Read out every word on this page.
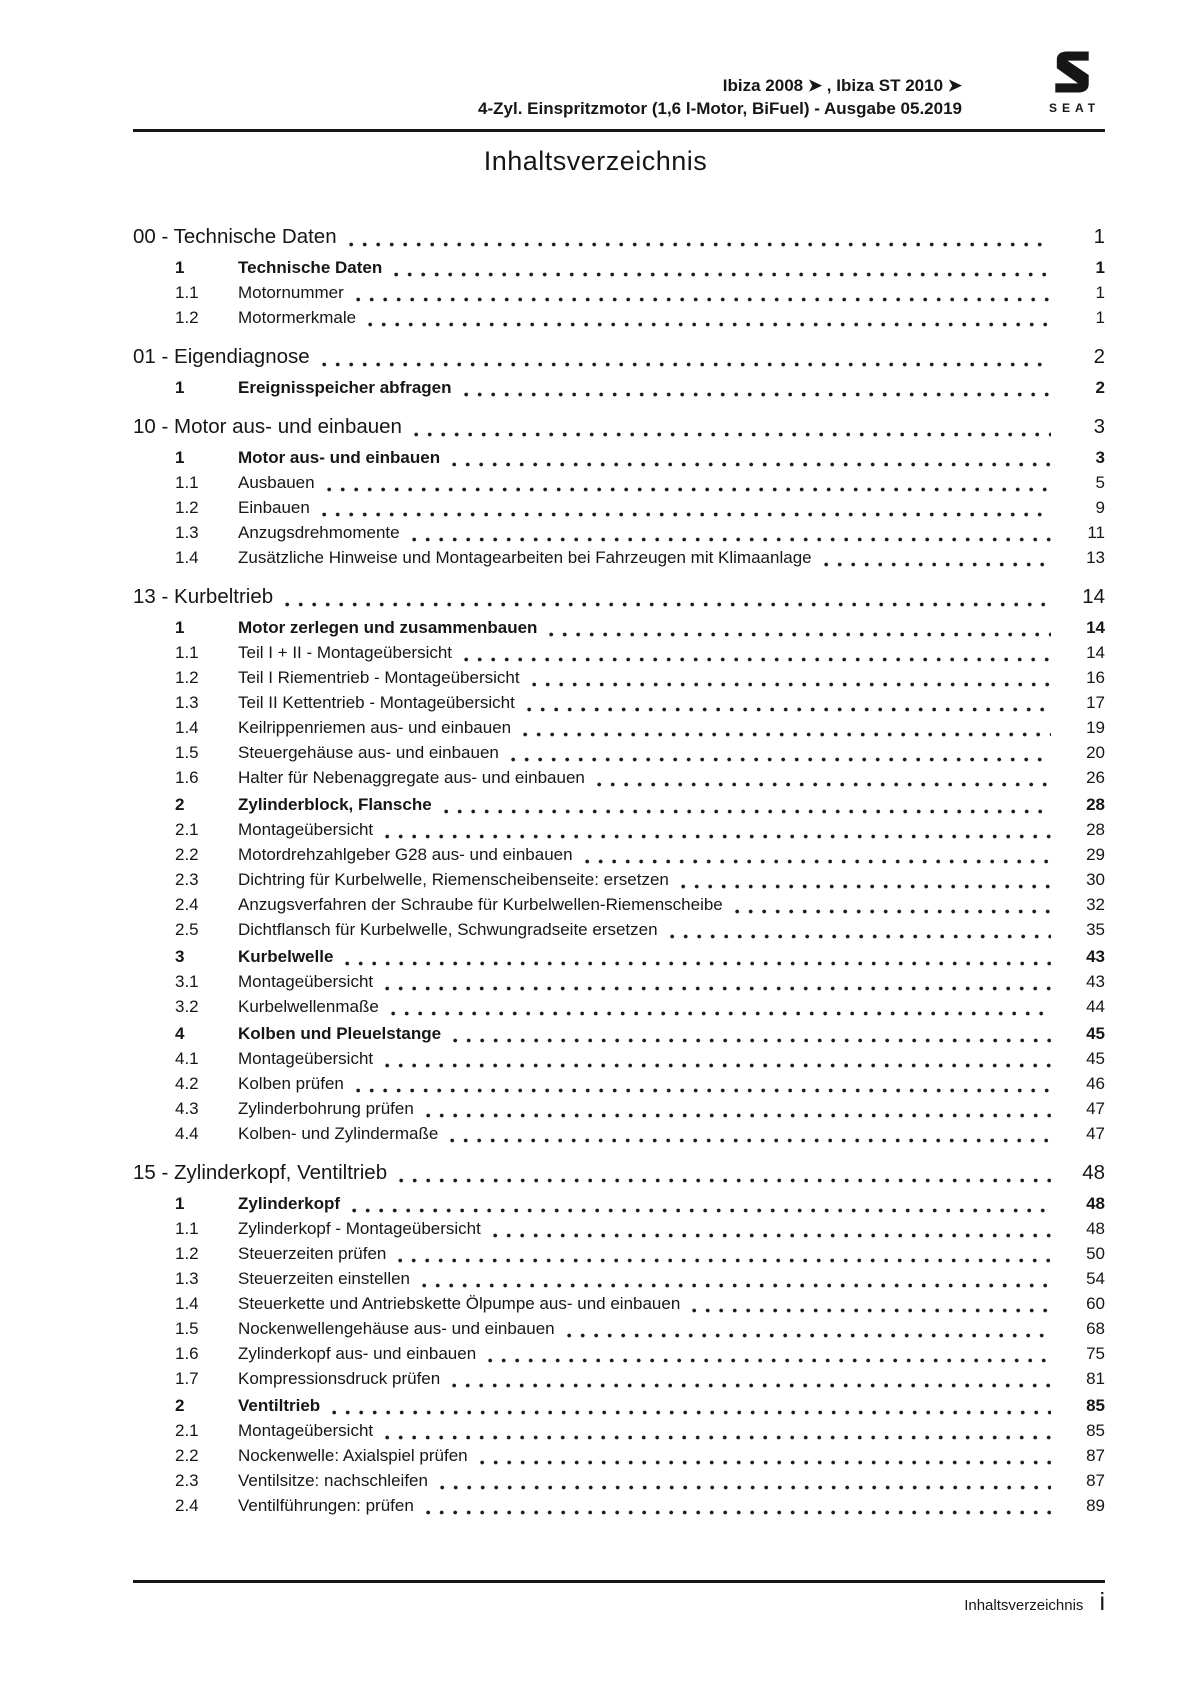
Ibiza 2008 ➤ , Ibiza ST 2010 ➤
4-Zyl. Einspritzmotor (1,6 l-Motor, BiFuel) - Ausgabe 05.2019	SEAT
Inhaltsverzeichnis
00 - Technische Daten	1
1	Technische Daten	1
1.1	Motornummer	1
1.2	Motormerkmale	1
01 - Eigendiagnose	2
1	Ereignisspeicher abfragen	2
10 - Motor aus- und einbauen	3
1	Motor aus- und einbauen	3
1.1	Ausbauen	5
1.2	Einbauen	9
1.3	Anzugsdrehmomente	11
1.4	Zusätzliche Hinweise und Montagearbeiten bei Fahrzeugen mit Klimaanlage	13
13 - Kurbeltrieb	14
1	Motor zerlegen und zusammenbauen	14
1.1	Teil I + II - Montageübersicht	14
1.2	Teil I Riementrieb - Montageübersicht	16
1.3	Teil II Kettentrieb - Montageübersicht	17
1.4	Keilrippenriemen aus- und einbauen	19
1.5	Steuergehäuse aus- und einbauen	20
1.6	Halter für Nebenaggregate aus- und einbauen	26
2	Zylinderblock, Flansche	28
2.1	Montageübersicht	28
2.2	Motordrehzahlgeber G28 aus- und einbauen	29
2.3	Dichtring für Kurbelwelle, Riemenscheibenseite: ersetzen	30
2.4	Anzugsverfahren der Schraube für Kurbelwellen-Riemenscheibe	32
2.5	Dichtflansch für Kurbelwelle, Schwungradseite ersetzen	35
3	Kurbelwelle	43
3.1	Montageübersicht	43
3.2	Kurbelwellenmaße	44
4	Kolben und Pleuelstange	45
4.1	Montageübersicht	45
4.2	Kolben prüfen	46
4.3	Zylinderbohrung prüfen	47
4.4	Kolben- und Zylindermaße	47
15 - Zylinderkopf, Ventiltrieb	48
1	Zylinderkopf	48
1.1	Zylinderkopf - Montageübersicht	48
1.2	Steuerzeiten prüfen	50
1.3	Steuerzeiten einstellen	54
1.4	Steuerkette und Antriebskette Ölpumpe aus- und einbauen	60
1.5	Nockenwellengehäuse aus- und einbauen	68
1.6	Zylinderkopf aus- und einbauen	75
1.7	Kompressionsdruck prüfen	81
2	Ventiltrieb	85
2.1	Montageübersicht	85
2.2	Nockenwelle: Axialspiel prüfen	87
2.3	Ventilsitze: nachschleifen	87
2.4	Ventilführungen: prüfen	89
Inhaltsverzeichnis i
